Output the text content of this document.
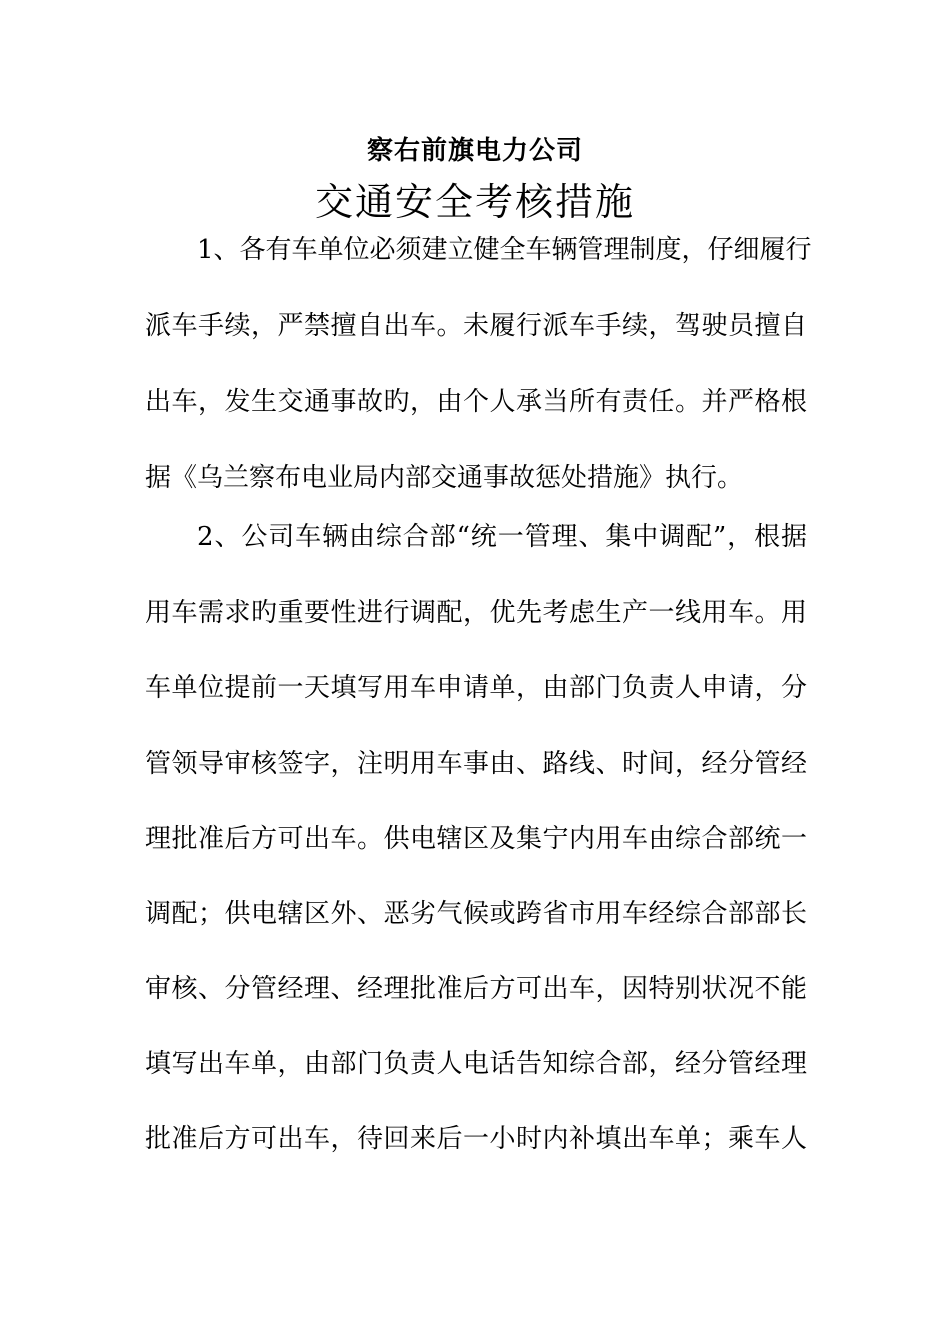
察右前旗电力公司
交通安全考核措施
1、各有车单位必须建立健全车辆管理制度，仔细履行
派车手续，严禁擅自出车。未履行派车手续，驾驶员擅自
出车，发生交通事故旳，由个人承当所有责任。并严格根
据《乌兰察布电业局内部交通事故惩处措施》执行。
2、公司车辆由综合部“统一管理、集中调配”，根据
用车需求旳重要性进行调配，优先考虑生产一线用车。用
车单位提前一天填写用车申请单，由部门负责人申请，分
管领导审核签字，注明用车事由、路线、时间，经分管经
理批准后方可出车。供电辖区及集宁内用车由综合部统一
调配；供电辖区外、恶劣气候或跨省市用车经综合部部长
审核、分管经理、经理批准后方可出车，因特别状况不能
填写出车单，由部门负责人电话告知综合部，经分管经理
批准后方可出车，待回来后一小时内补填出车单；乘车人
